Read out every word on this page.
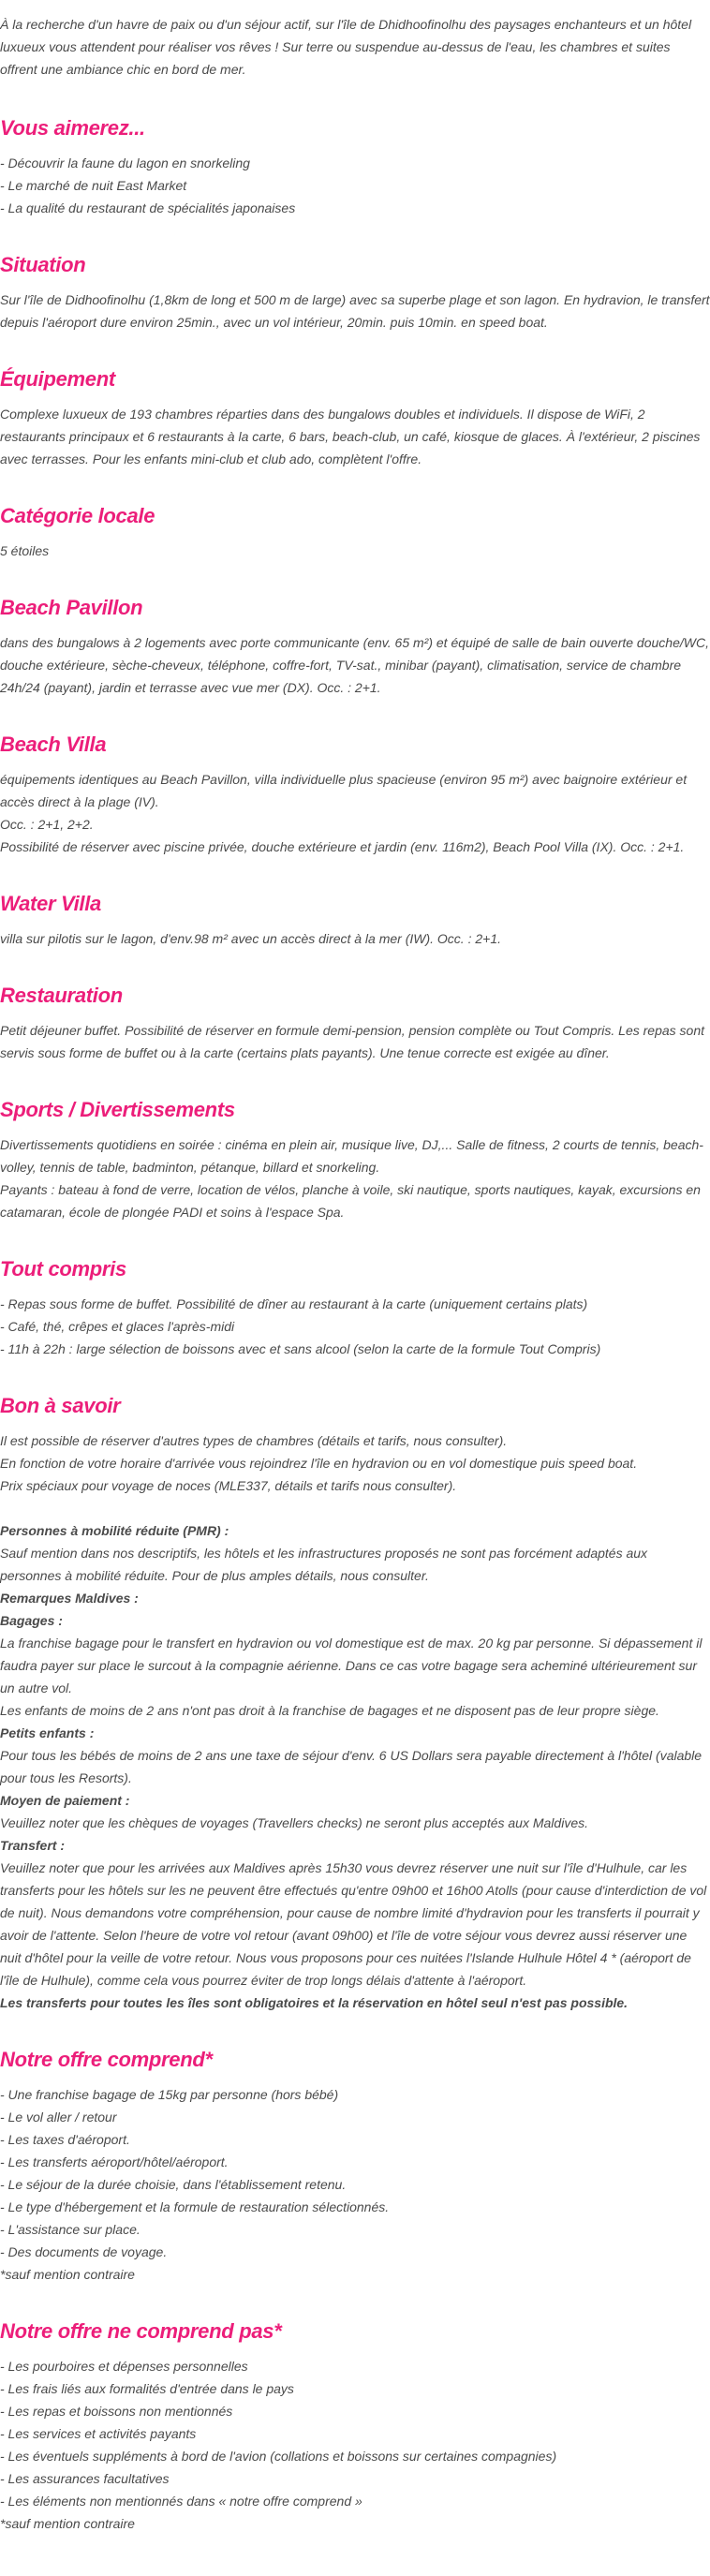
À la recherche d'un havre de paix ou d'un séjour actif, sur l'île de Dhidhoofinolhu des paysages enchanteurs et un hôtel luxueux vous attendent pour réaliser vos rêves ! Sur terre ou suspendue au-dessus de l'eau, les chambres et suites offrent une ambiance chic en bord de mer.

Vous aimerez...
- Découvrir la faune du lagon en snorkeling
- Le marché de nuit East Market
- La qualité du restaurant de spécialités japonaises
Situation

Sur l'île de Didhoofinolhu (1,8km de long et 500 m de large) avec sa superbe plage et son lagon. En hydravion, le transfert depuis l'aéroport dure environ 25min., avec un vol intérieur, 20min. puis 10min. en speed boat.

Équipement

Complexe luxueux de 193 chambres réparties dans des bungalows doubles et individuels. Il dispose de WiFi, 2 restaurants principaux et 6 restaurants à la carte, 6 bars, beach-club, un café, kiosque de glaces. À l'extérieur, 2 piscines avec terrasses. Pour les enfants mini-club et club ado, complètent l'offre.

Catégorie locale

5 étoiles

Beach Pavillon

dans des bungalows à 2 logements avec porte communicante (env. 65 m²) et équipé de salle de bain ouverte douche/WC, douche extérieure, sèche-cheveux, téléphone, coffre-fort, TV-sat., minibar (payant), climatisation, service de chambre 24h/24 (payant), jardin et terrasse avec vue mer (DX). Occ. : 2+1.

Beach Villa
équipements identiques au Beach Pavillon, villa individuelle plus spacieuse (environ 95 m²) avec baignoire extérieur et accès direct à la plage (IV).
Occ. : 2+1, 2+2.
Possibilité de réserver avec piscine privée, douche extérieure et jardin (env. 116m2), Beach Pool Villa (IX). Occ. : 2+1.
Water Villa

villa sur pilotis sur le lagon, d'env.98 m² avec un accès direct à la mer (IW). Occ. : 2+1.

Restauration

Petit déjeuner buffet. Possibilité de réserver en formule demi-pension, pension complète ou Tout Compris. Les repas sont servis sous forme de buffet ou à la carte (certains plats payants). Une tenue correcte est exigée au dîner.

Sports / Divertissements
Divertissements quotidiens en soirée : cinéma en plein air, musique live, DJ,... Salle de fitness, 2 courts de tennis, beach-volley, tennis de table, badminton, pétanque, billard et snorkeling.
Payants : bateau à fond de verre, location de vélos, planche à voile, ski nautique, sports nautiques, kayak, excursions en catamaran, école de plongée PADI et soins à l'espace Spa.
Tout compris
- Repas sous forme de buffet. Possibilité de dîner au restaurant à la carte (uniquement certains plats)
- Café, thé, crêpes et glaces l'après-midi
- 11h à 22h : large sélection de boissons avec et sans alcool (selon la carte de la formule Tout Compris)
Bon à savoir
Il est possible de réserver d'autres types de chambres (détails et tarifs, nous consulter).
En fonction de votre horaire d'arrivée vous rejoindrez l'île en hydravion ou en vol domestique puis speed boat.
Prix spéciaux pour voyage de noces (MLE337, détails et tarifs nous consulter).
Personnes à mobilité réduite (PMR) :
Sauf mention dans nos descriptifs, les hôtels et les infrastructures proposés ne sont pas forcément adaptés aux personnes à mobilité réduite. Pour de plus amples détails, nous consulter.
Remarques Maldives :
Bagages :
La franchise bagage pour le transfert en hydravion ou vol domestique est de max. 20 kg par personne. Si dépassement il faudra payer sur place le surcout à la compagnie aérienne. Dans ce cas votre bagage sera acheminé ultérieurement sur un autre vol.
Les enfants de moins de 2 ans n'ont pas droit à la franchise de bagages et ne disposent pas de leur propre siège.
Petits enfants :
Pour tous les bébés de moins de 2 ans une taxe de séjour d'env. 6 US Dollars sera payable directement à l'hôtel (valable pour tous les Resorts).
Moyen de paiement :
Veuillez noter que les chèques de voyages (Travellers checks) ne seront plus acceptés aux Maldives.
Transfert :
Veuillez noter que pour les arrivées aux Maldives après 15h30 vous devrez réserver une nuit sur l'île d'Hulhule, car les transferts pour les hôtels sur les ne peuvent être effectués qu'entre 09h00 et 16h00 Atolls (pour cause d'interdiction de vol de nuit). Nous demandons votre compréhension, pour cause de nombre limité d'hydravion pour les transferts il pourrait y avoir de l'attente. Selon l'heure de votre vol retour (avant 09h00) et l'île de votre séjour vous devrez aussi réserver une nuit d'hôtel pour la veille de votre retour. Nous vous proposons pour ces nuitées l'Islande Hulhule Hôtel 4 * (aéroport de l'île de Hulhule), comme cela vous pourrez éviter de trop longs délais d'attente à l'aéroport.
Les transferts pour toutes les îles sont obligatoires et la réservation en hôtel seul n'est pas possible.
Notre offre comprend*
- Une franchise bagage de 15kg par personne (hors bébé)
- Le vol aller / retour
- Les taxes d'aéroport.
- Les transferts aéroport/hôtel/aéroport.
- Le séjour de la durée choisie, dans l'établissement retenu.
- Le type d'hébergement et la formule de restauration sélectionnés.
- L'assistance sur place.
- Des documents de voyage.
*sauf mention contraire
Notre offre ne comprend pas*
- Les pourboires et dépenses personnelles
- Les frais liés aux formalités d'entrée dans le pays
- Les repas et boissons non mentionnés
- Les services et activités payants
- Les éventuels suppléments à bord de l'avion (collations et boissons sur certaines compagnies)
- Les assurances facultatives
- Les éléments non mentionnés dans « notre offre comprend »
*sauf mention contraire
